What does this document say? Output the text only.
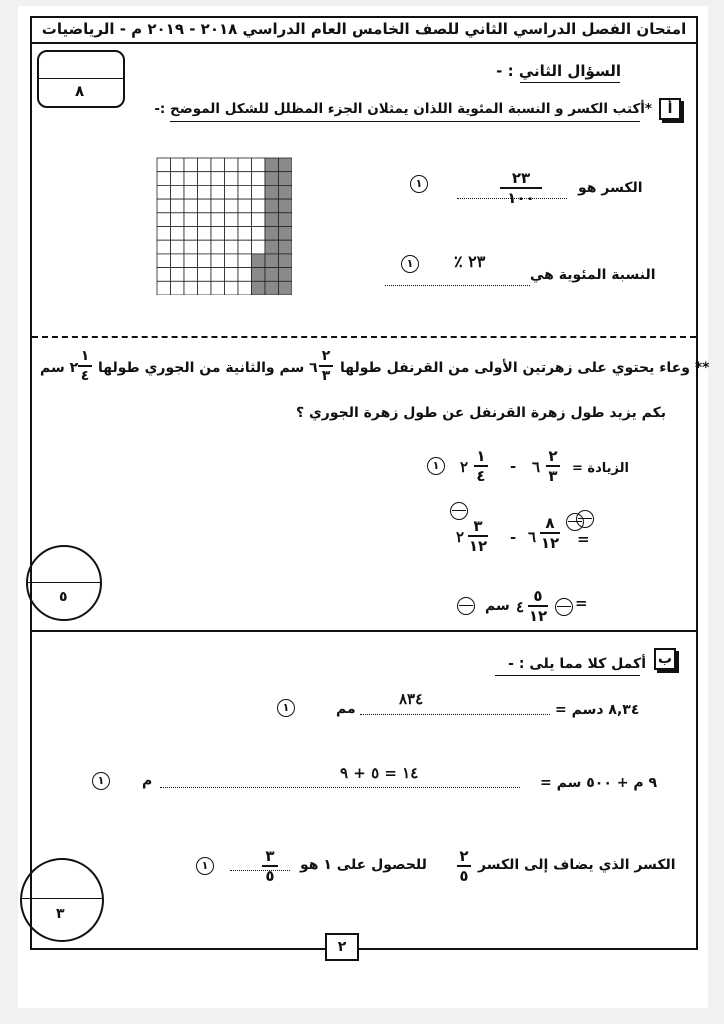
امتحان الفصل الدراسي الثاني للصف الخامس العام الدراسي ٢٠١٨ - ٢٠١٩ م - الرياضيات
٨
السؤال الثاني : -
أ
*أكتب الكسر و النسبة المئوية اللذان يمثلان الجزء المظلل للشكل الموضح :-
١	٢٣
١٠٠
الكسر هو
١	٪ ٢٣
النسبة المئوية هي
٢ سم
١
٤ ٦ سم والثانية من الجوري طولها
٢
٣ ** وعاء يحتوي على زهرتين الأولى من القرنفل طولها
بكم يزيد طول زهرة القرنفل عن طول زهرة الجوري ؟
١	٢
١
٤
- ٦
٢
٣ الزيادة =
٢
٣
١٢ - ٦
٨
١٢ =
سم ٤
٥
١٢
=
٥
ب
أكمل كلا مما يلى : -
١	مم
٨٣٤
٨,٣٤ دسم =
١	م	١٤ = ٥ + ٩
٩ م + ٥٠٠ سم =
١
٣
٥
للحصول على ١ هو ٢
٥
الكسر الذي يضاف إلى الكسر
٣
٢
